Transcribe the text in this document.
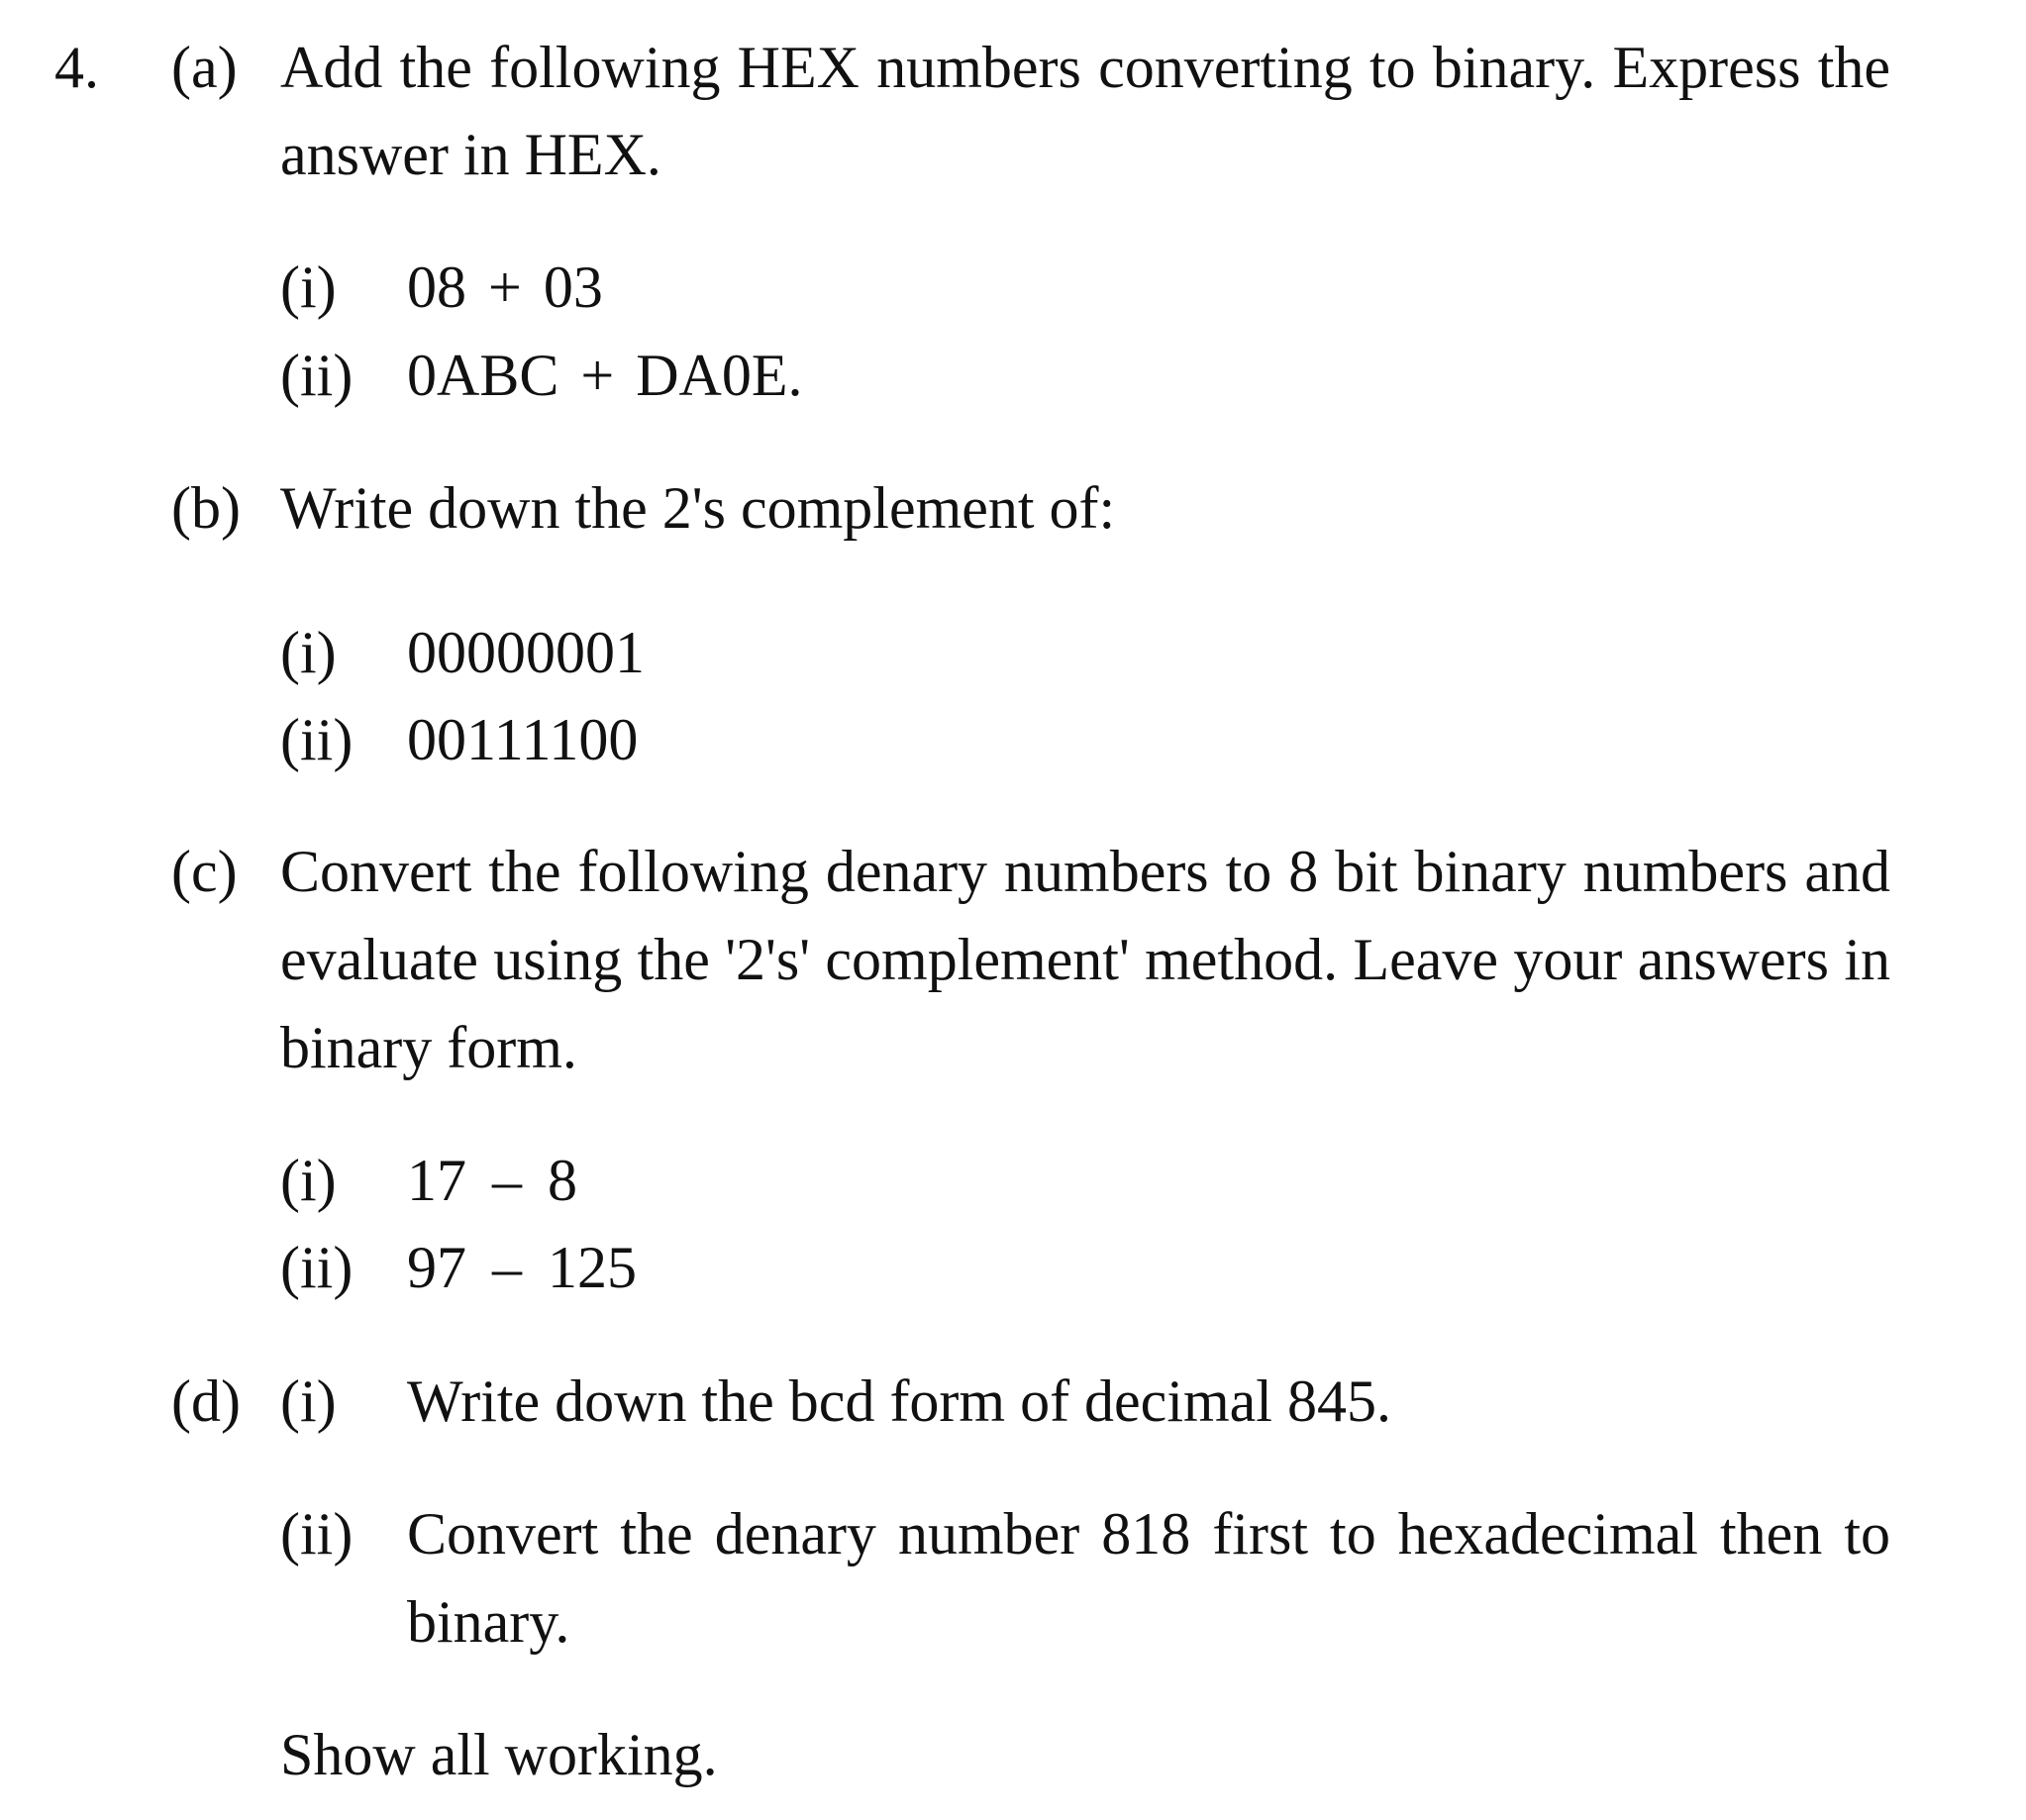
4. (a) Add the following HEX numbers converting to binary. Express the

answer in HEX.

(i) 08 + 03

(ii) 0ABC + DA0E.

(b) Write down the 2's complement of:

(i) 00000001

(ii) 00111100

(c) Convert the following denary numbers to 8 bit binary numbers and

evaluate using the '2's' complement' method. Leave your answers in

binary form.

(i) 17 – 8

(ii) 97 – 125

(d) (i) Write down the bcd form of decimal 845.

(ii) Convert the denary number 818 first to hexadecimal then to

binary.

Show all working.
